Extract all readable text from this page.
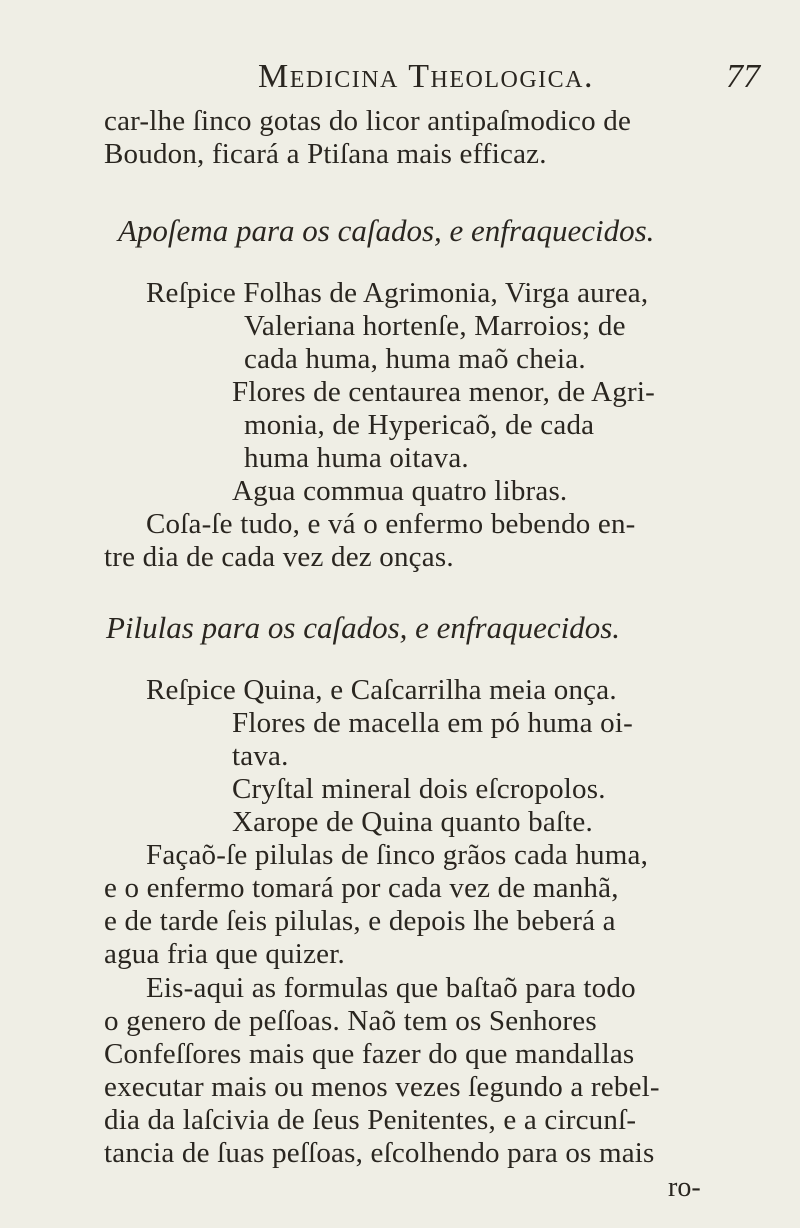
Medicina Theologica.	77
car-lhe ſinco gotas do licor antipaſmodico de
Boudon, ficará a Ptiſana mais efficaz.
Apoſema para os caſados, e enfraquecidos.
Reſpice Folhas de Agrimonia, Virga aurea,
Valeriana hortenſe, Marroios; de
cada huma, huma maõ cheia.
Flores de centaurea menor, de Agri-
monia, de Hypericaõ, de cada
huma huma oitava.
Agua commua quatro libras.
Coſa-ſe tudo, e vá o enfermo bebendo en-
tre dia de cada vez dez onças.
Pilulas para os caſados, e enfraquecidos.
Reſpice Quina, e Caſcarrilha meia onça.
Flores de macella em pó huma oi-
tava.
Cryſtal mineral dois eſcropolos.
Xarope de Quina quanto baſte.
Façaõ-ſe pilulas de ſinco grãos cada huma,
e o enfermo tomará por cada vez de manhã,
e de tarde ſeis pilulas, e depois lhe beberá a
agua fria que quizer.
Eis-aqui as formulas que baſtaõ para todo
o genero de peſſoas. Naõ tem os Senhores
Confeſſores mais que fazer do que mandallas
executar mais ou menos vezes ſegundo a rebel-
dia da laſcivia de ſeus Penitentes, e a circunſ-
tancia de ſuas peſſoas, eſcolhendo para os mais
ro-
